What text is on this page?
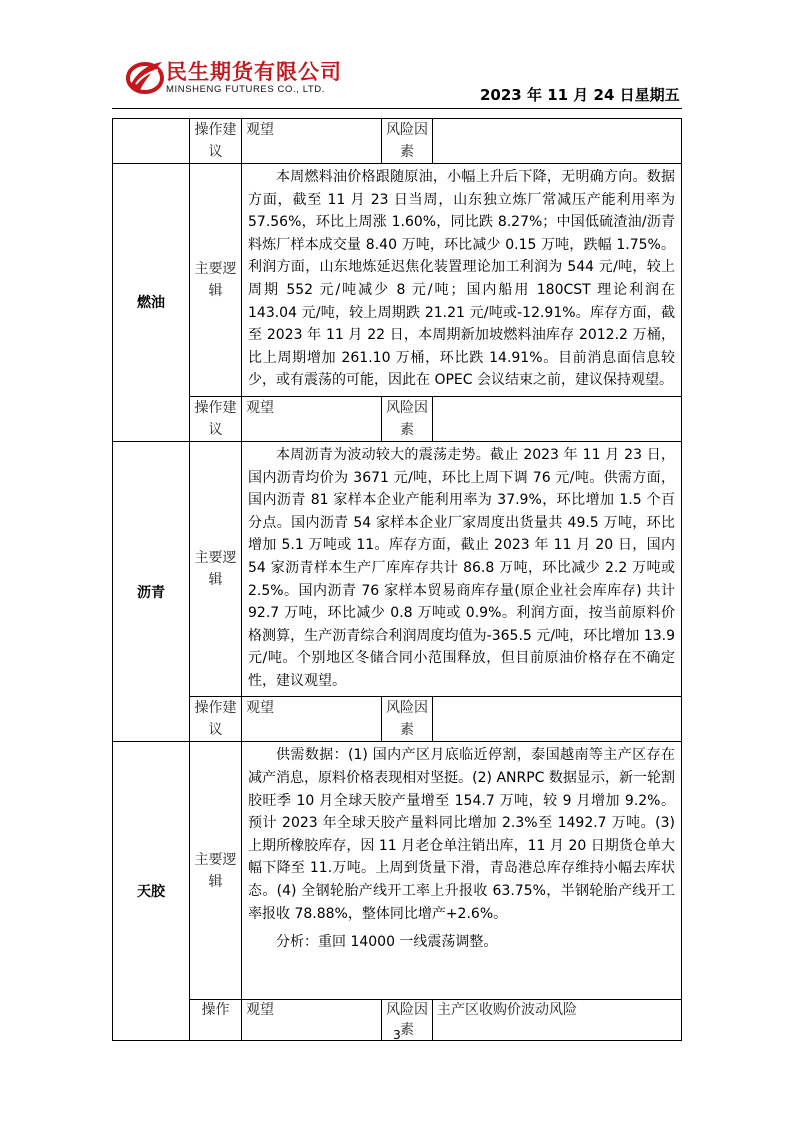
民生期货有限公司
MINSHENG FUTURES CO., LTD.	2023 年 11 月 24 日星期五
	操作建议	观望	风险因素	
燃油	主要逻辑	本周燃料油价格跟随原油，小幅上升后下降，无明确方向。数据方面，截至 11 月 23 日当周，山东独立炼厂常减压产能利用率为 57.56%，环比上周涨 1.60%，同比跌 8.27%；中国低硫渣油/沥青料炼厂样本成交量 8.40 万吨，环比减少 0.15 万吨，跌幅 1.75%。利润方面，山东地炼延迟焦化装置理论加工利润为 544 元/吨，较上周期 552 元/吨减少 8 元/吨；国内船用 180CST 理论利润在 143.04 元/吨，较上周期跌 21.21 元/吨或-12.91%。库存方面，截至 2023 年 11 月 22 日，本周期新加坡燃料油库存 2012.2 万桶，比上周期增加 261.10 万桶，环比跌 14.91%。目前消息面信息较少，或有震荡的可能，因此在 OPEC 会议结束之前，建议保持观望。		
	操作建议	观望	风险因素	
沥青	主要逻辑	本周沥青为波动较大的震荡走势。截止 2023 年 11 月 23 日，国内沥青均价为 3671 元/吨，环比上周下调 76 元/吨。供需方面，国内沥青 81 家样本企业产能利用率为 37.9%，环比增加 1.5 个百分点。国内沥青 54 家样本企业厂家周度出货量共 49.5 万吨，环比增加 5.1 万吨或 11。库存方面，截止 2023 年 11 月 20 日，国内 54 家沥青样本生产厂库库存共计 86.8 万吨，环比减少 2.2 万吨或 2.5%。国内沥青 76 家样本贸易商库存量(原企业社会库库存) 共计 92.7 万吨，环比减少 0.8 万吨或 0.9%。利润方面，按当前原料价格测算，生产沥青综合利润周度均值为-365.5 元/吨，环比增加 13.9 元/吨。个别地区冬储合同小范围释放，但目前原油价格存在不确定性，建议观望。		
	操作建议	观望	风险因素	
天胶	主要逻辑	供需数据：(1) 国内产区月底临近停割，泰国越南等主产区存在减产消息，原料价格表现相对坚挺。(2) ANRPC 数据显示，新一轮割胶旺季 10 月全球天胶产量增至 154.7 万吨，较 9 月增加 9.2%。预计 2023 年全球天胶产量料同比增加 2.3%至 1492.7 万吨。(3) 上期所橡胶库存，因 11 月老仓单注销出库，11 月 20 日期货仓单大幅下降至 11.万吨。上周到货量下滑，青岛港总库存维持小幅去库状态。(4) 全钢轮胎产线开工率上升报收 63.75%，半钢轮胎产线开工率报收 78.88%，整体同比增产+2.6%。

分析：重回 14000 一线震荡调整。		

	操作	观望	风险因素	主产区收购价波动风险
3
